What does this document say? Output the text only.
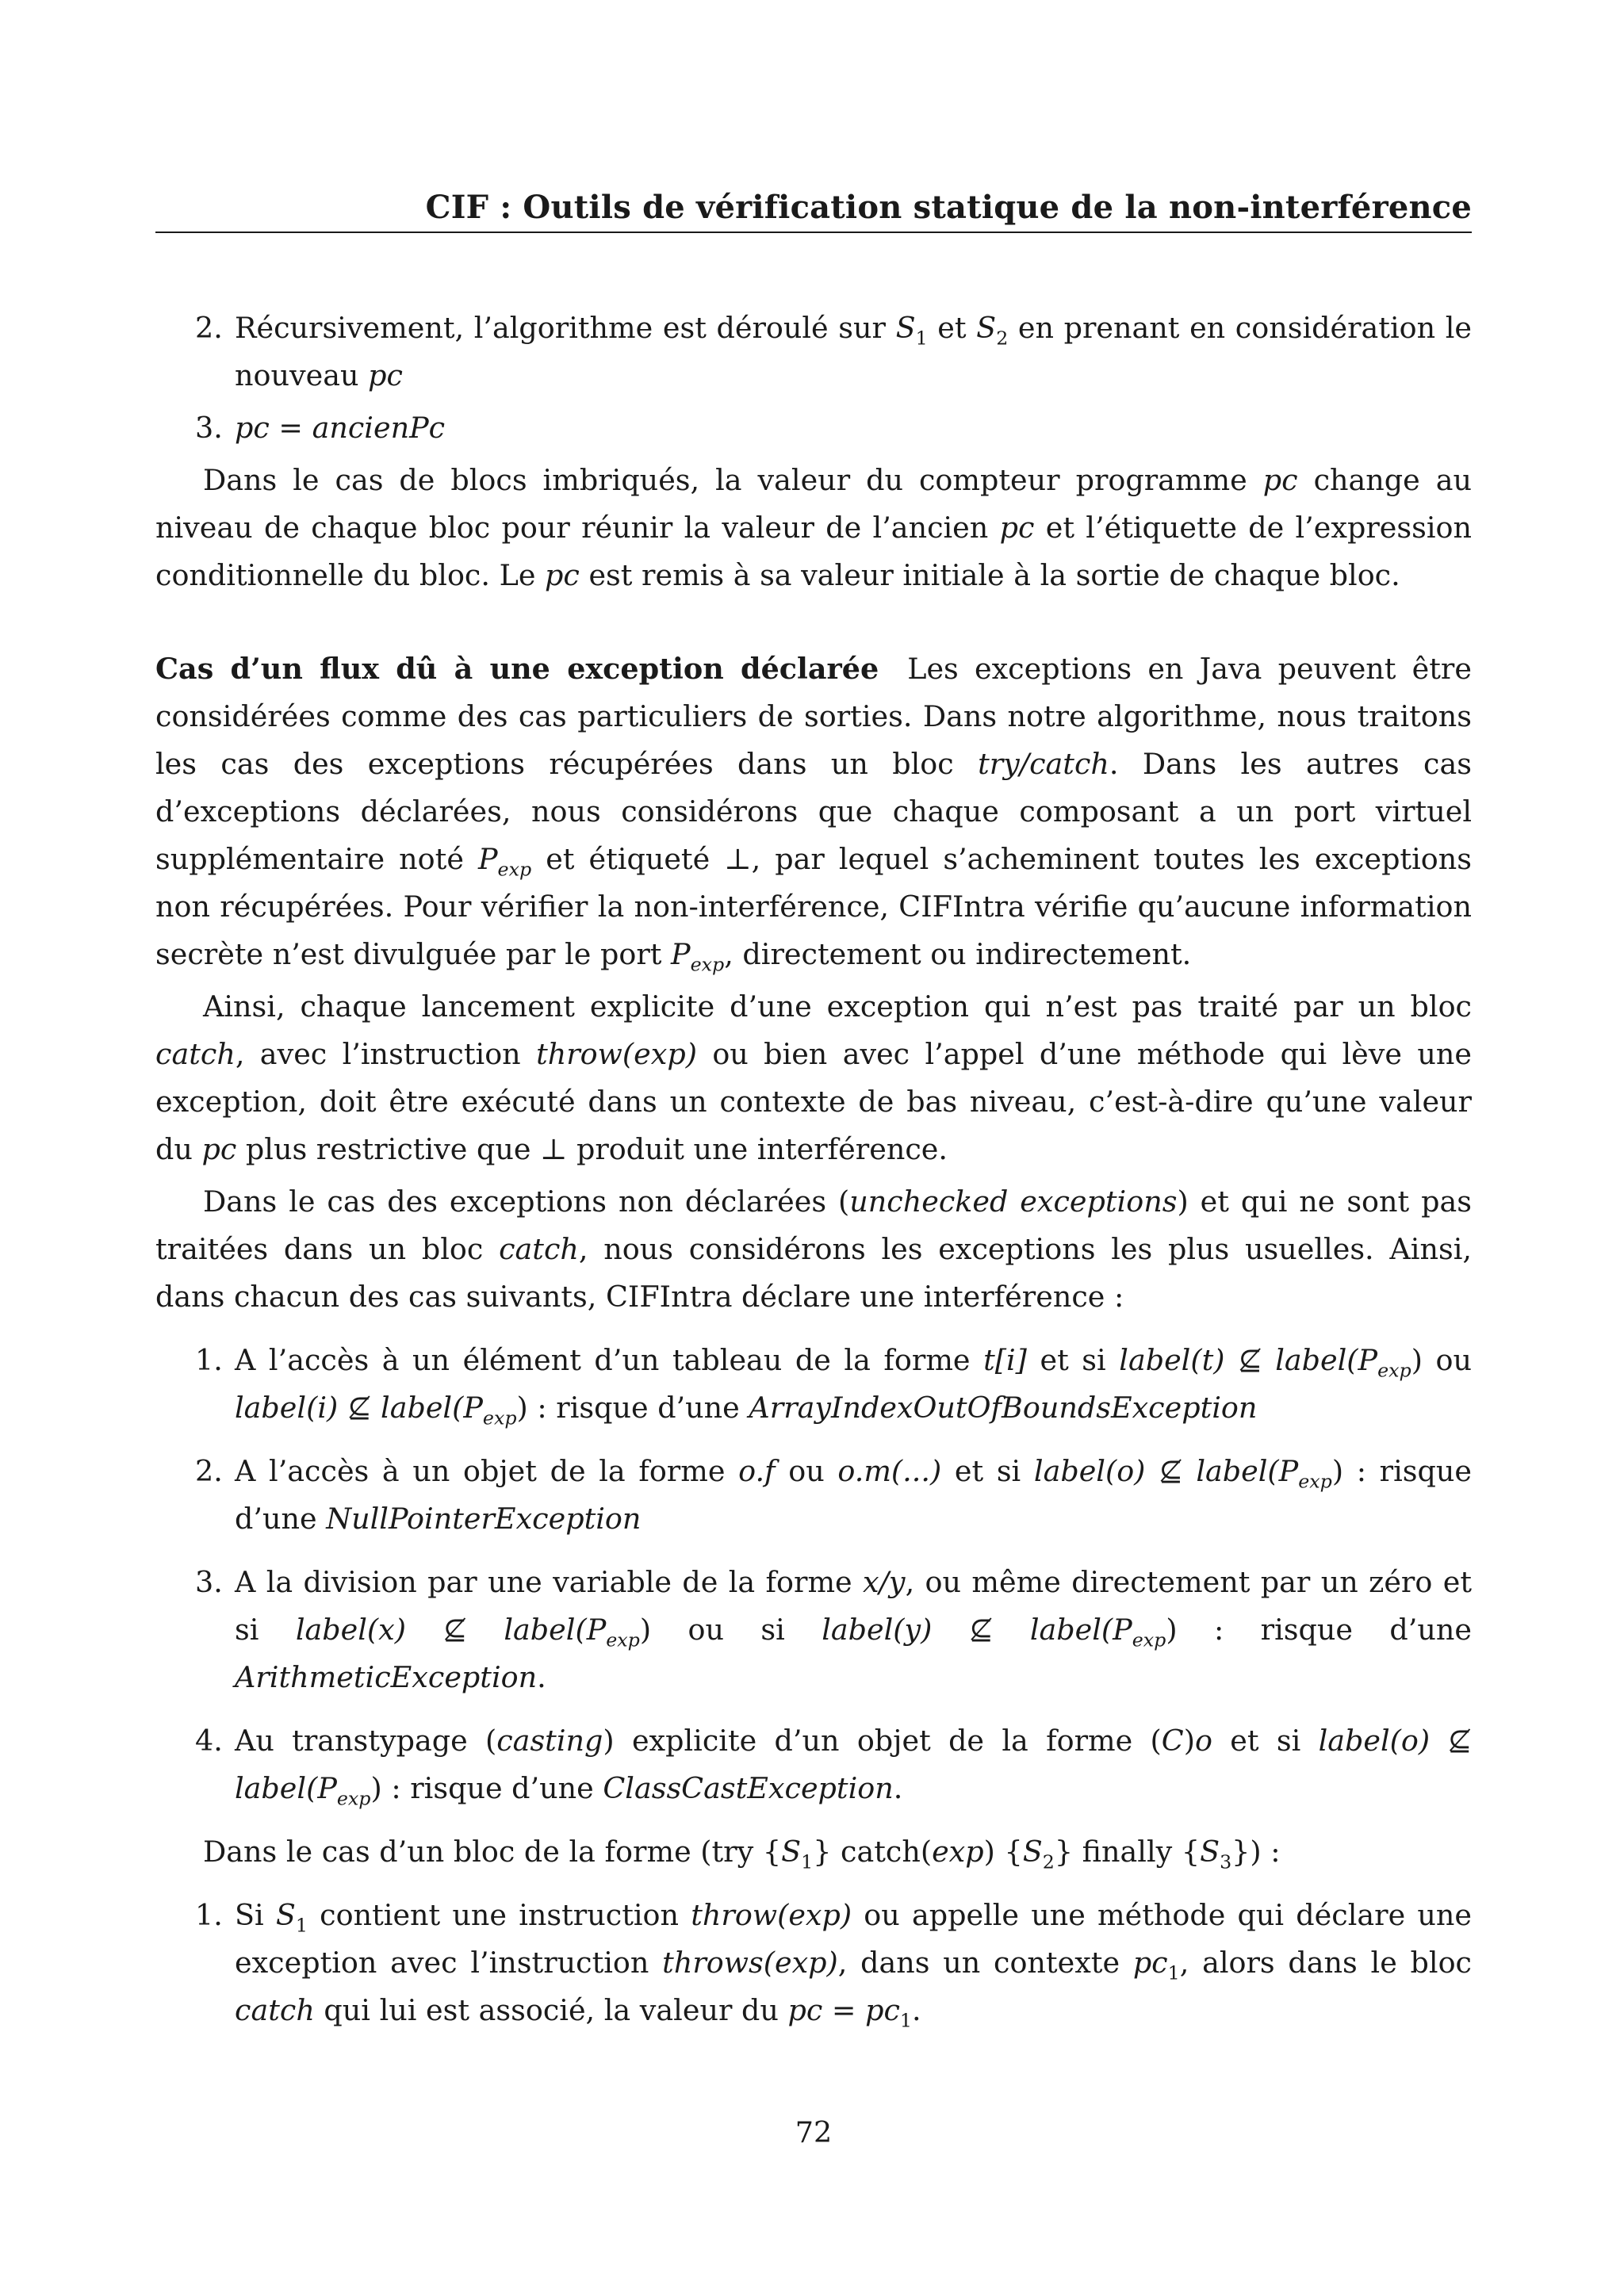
CIF : Outils de vérification statique de la non-interférence
2. Récursivement, l’algorithme est déroulé sur $S_1$ et $S_2$ en prenant en considération le nouveau pc
3. pc = ancienPc

Dans le cas de blocs imbriqués, la valeur du compteur programme pc change au niveau de chaque bloc pour réunir la valeur de l’ancien pc et l’étiquette de l’expression conditionnelle du bloc. Le pc est remis à sa valeur initiale à la sortie de chaque bloc.

Cas d’un flux dû à une exception déclarée Les exceptions en Java peuvent être considérées comme des cas particuliers de sorties. Dans notre algorithme, nous traitons les cas des exceptions récupérées dans un bloc try/catch. Dans les autres cas d’exceptions déclarées, nous considérons que chaque composant a un port virtuel supplémentaire noté $P_{exp}$ et étiqueté ⊥, par lequel s’acheminent toutes les exceptions non récupérées. Pour vérifier la non-interférence, CIFIntra vérifie qu’aucune information secrète n’est divulguée par le port $P_{exp}$, directement ou indirectement.

Ainsi, chaque lancement explicite d’une exception qui n’est pas traité par un bloc catch, avec l’instruction throw(exp) ou bien avec l’appel d’une méthode qui lève une exception, doit être exécuté dans un contexte de bas niveau, c’est-à-dire qu’une valeur du pc plus restrictive que ⊥ produit une interférence.

Dans le cas des exceptions non déclarées (unchecked exceptions) et qui ne sont pas traitées dans un bloc catch, nous considérons les exceptions les plus usuelles. Ainsi, dans chacun des cas suivants, CIFIntra déclare une interférence :

1. A l’accès à un élément d’un tableau de la forme t[i] et si label(t) ⊈ $label(P_{exp})$ ou label(i) ⊈ $label(P_{exp})$ : risque d’une ArrayIndexOutOfBoundsException
2. A l’accès à un objet de la forme o.f ou o.m(...) et si label(o) ⊈ $label(P_{exp})$ : risque d’une NullPointerException
3. A la division par une variable de la forme x/y, ou même directement par un zéro et si label(x) ⊈ $label(P_{exp})$ ou si label(y) ⊈ $label(P_{exp})$ : risque d’une ArithmeticException.
4. Au transtypage (casting) explicite d’un objet de la forme (C)o et si label(o) ⊈ $label(P_{exp})$ : risque d’une ClassCastException.

Dans le cas d’un bloc de la forme (try $\{S_1\}$ catch(exp) $\{S_2\}$ finally $\{S_3\}$) :

1. Si $S_1$ contient une instruction throw(exp) ou appelle une méthode qui déclare une exception avec l’instruction throws(exp), dans un contexte $pc_1$, alors dans le bloc catch qui lui est associé, la valeur du pc = $pc_1$.
72
